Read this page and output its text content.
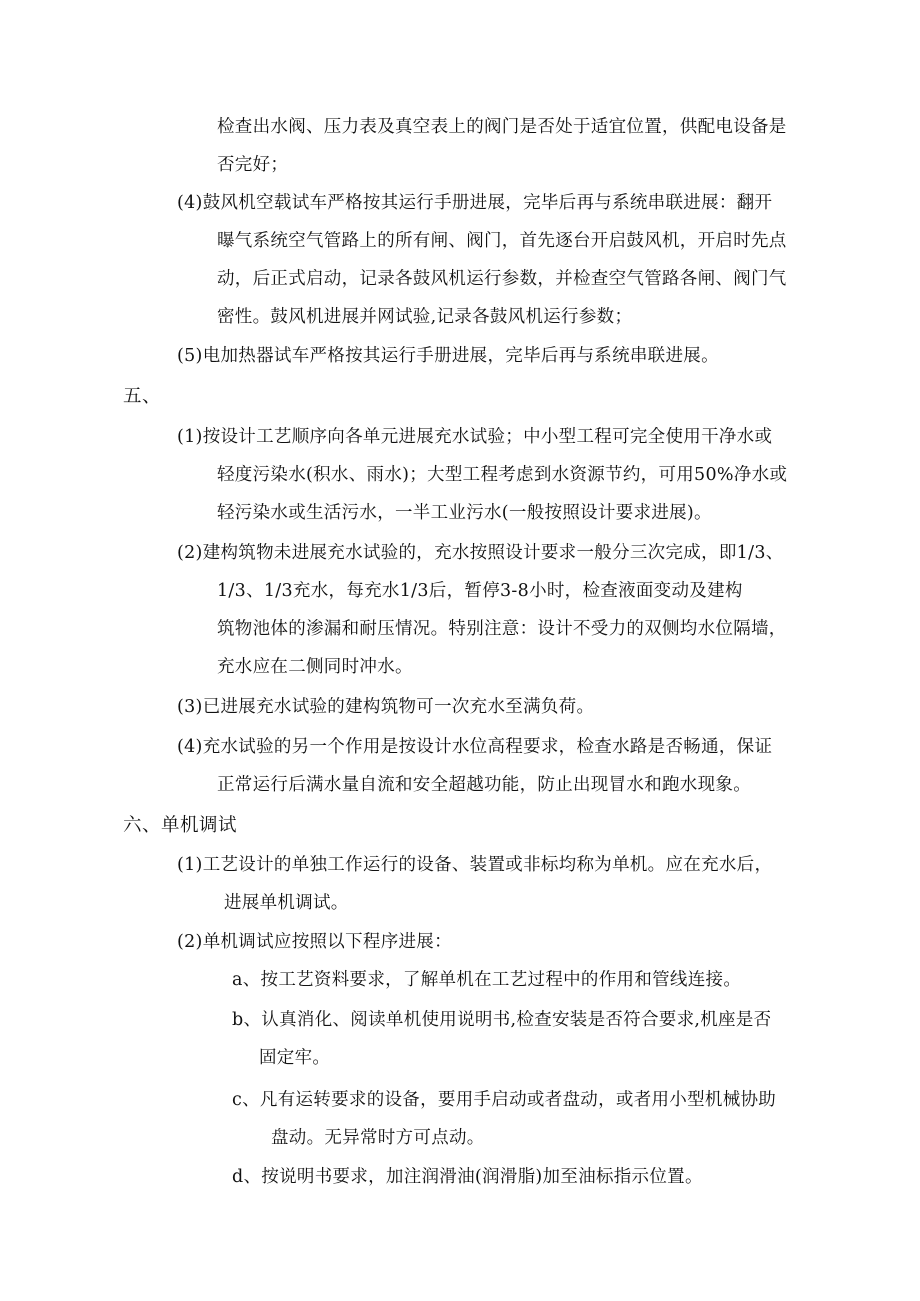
检查出水阀、压力表及真空表上的阀门是否处于适宜位置，供配电设备是
否完好；
(4)鼓风机空载试车严格按其运行手册进展，完毕后再与系统串联进展：翻开
曝气系统空气管路上的所有闸、阀门，首先逐台开启鼓风机，开启时先点
动，后正式启动，记录各鼓风机运行参数，并检查空气管路各闸、阀门气
密性。鼓风机进展并网试验,记录各鼓风机运行参数；
(5)电加热器试车严格按其运行手册进展，完毕后再与系统串联进展。
五、
(1)按设计工艺顺序向各单元进展充水试验；中小型工程可完全使用干净水或
轻度污染水(积水、雨水)；大型工程考虑到水资源节约，可用50%净水或
轻污染水或生活污水，一半工业污水(一般按照设计要求进展)。
(2)建构筑物未进展充水试验的，充水按照设计要求一般分三次完成，即1/3、
1/3、1/3充水，每充水1/3后，暂停3-8小时，检查液面变动及建构
筑物池体的渗漏和耐压情况。特别注意：设计不受力的双侧均水位隔墙，
充水应在二侧同时冲水。
(3)已进展充水试验的建构筑物可一次充水至满负荷。
(4)充水试验的另一个作用是按设计水位高程要求，检查水路是否畅通，保证
正常运行后满水量自流和安全超越功能，防止出现冒水和跑水现象。
六、单机调试
(1)工艺设计的单独工作运行的设备、装置或非标均称为单机。应在充水后，
进展单机调试。
(2)单机调试应按照以下程序进展：
a、按工艺资料要求，了解单机在工艺过程中的作用和管线连接。
b、认真消化、阅读单机使用说明书,检查安装是否符合要求,机座是否
固定牢。
c、凡有运转要求的设备，要用手启动或者盘动，或者用小型机械协助
盘动。无异常时方可点动。
d、按说明书要求，加注润滑油(润滑脂)加至油标指示位置。
